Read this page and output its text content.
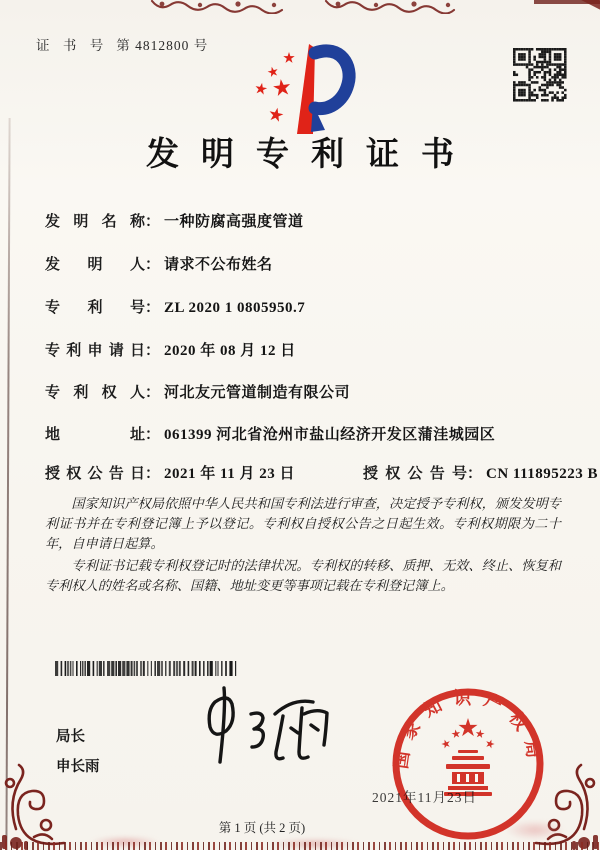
证 书 号 第 4812800 号
发明专利证书
发明名称： 一种防腐高强度管道
发明人： 请求不公布姓名
专利号： ZL 2020 1 0805950.7
专利申请日： 2020 年 08 月 12 日
专利权人： 河北友元管道制造有限公司
地址： 061399 河北省沧州市盐山经济开发区蒲洼城园区
授权公告日： 2021 年 11 月 23 日	授权公告号： CN 111895223 B

国家知识产权局依照中华人民共和国专利法进行审查，决定授予专利权，颁发发明专利证书并在专利登记簿上予以登记。专利权自授权公告之日起生效。专利权期限为二十年，自申请日起算。

专利证书记载专利权登记时的法律状况。专利权的转移、质押、无效、终止、恢复和专利权人的姓名或名称、国籍、地址变更等事项记载在专利登记簿上。

局长
申长雨	国家知识产权局
2021年11月23日
第 1 页 (共 2 页)
